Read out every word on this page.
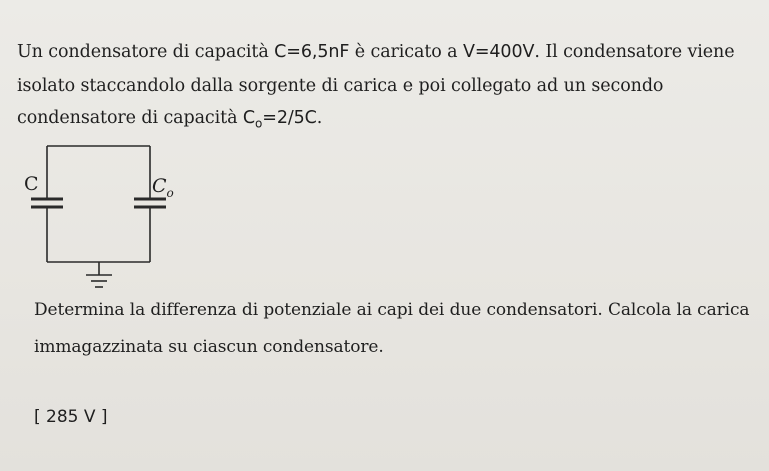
Un condensatore di capacità C=6,5nF è caricato a V=400V. Il condensatore viene
isolato staccandolo dalla sorgente di carica e poi collegato ad un secondo
condensatore di capacità $C_o=2/5C$.
C	$C_o$
Determina la differenza di potenziale ai capi dei due condensatori. Calcola la carica
immagazzinata su ciascun condensatore.
[ 285 V ]
